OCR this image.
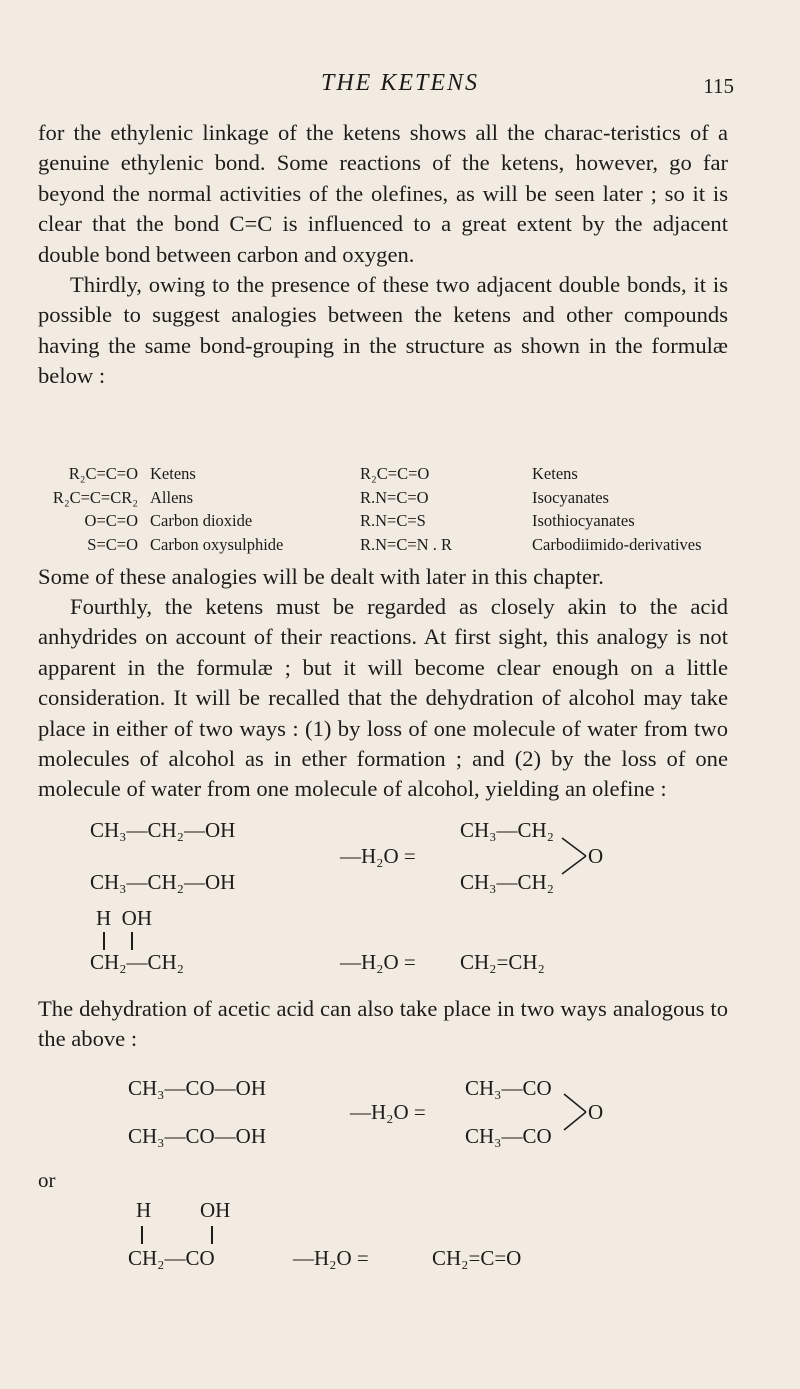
THE KETENS	115

for the ethylenic linkage of the ketens shows all the charac-teristics of a genuine ethylenic bond. Some reactions of the ketens, however, go far beyond the normal activities of the olefines, as will be seen later ; so it is clear that the bond C=C is influenced to a great extent by the adjacent double bond between carbon and oxygen.

Thirdly, owing to the presence of these two adjacent double bonds, it is possible to suggest analogies between the ketens and other compounds having the same bond-grouping in the structure as shown in the formulæ below :

R₂C=C=O	Ketens	R₂C=C=O	Ketens
R₂C=C=CR₂	Allens	R.N=C=O	Isocyanates
O=C=O	Carbon dioxide	R.N=C=S	Isothiocyanates
S=C=O	Carbon oxysulphide	R.N=C=N . R	Carbodiimido-derivatives

Some of these analogies will be dealt with later in this chapter.

Fourthly, the ketens must be regarded as closely akin to the acid anhydrides on account of their reactions. At first sight, this analogy is not apparent in the formulæ ; but it will become clear enough on a little consideration. It will be recalled that the dehydration of alcohol may take place in either of two ways : (1) by loss of one molecule of water from two molecules of alcohol as in ether formation ; and (2) by the loss of one molecule of water from one molecule of alcohol, yielding an olefine :

CH₃—CH₂—OH
CH₃—CH₂—OH
—H₂O =
CH₃—CH₂
CH₃—CH₂
O
H  OH
CH₂—CH₂	—H₂O = CH₂=CH₂

The dehydration of acetic acid can also take place in two ways analogous to the above :

CH₃—CO—OH
CH₃—CO—OH
—H₂O =
CH₃—CO
CH₃—CO
O
or
H OH
CH₂—CO	—H₂O =	CH₂=C=O
